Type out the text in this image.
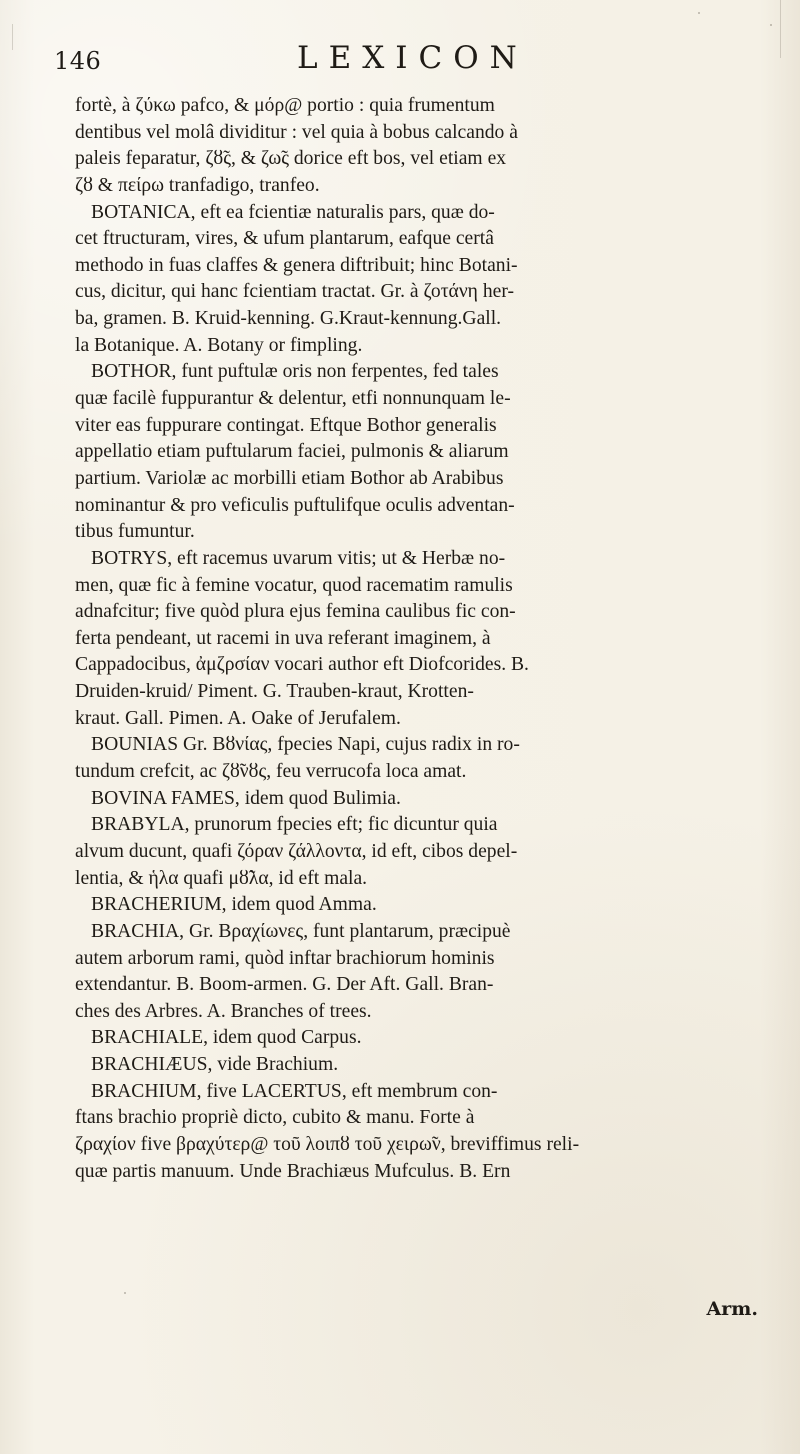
146	LEXICON
fortè, à ζύκω pafco, & μόρ@ portio : quia frumentum
dentibus vel molâ dividitur : vel quia à bobus calcando à
paleis feparatur, ζȣ̃ς, & ζω̃ς dorice eft bos, vel etiam ex
ζȣ & πείρω tranfadigo, tranfeo.
BOTANICA, eft ea fcientiæ naturalis pars, quæ do-
cet ftructuram, vires, & ufum plantarum, eafque certâ
methodo in fuas claffes & genera diftribuit; hinc Botani-
cus, dicitur, qui hanc fcientiam tractat. Gr. à ζοτάνη her-
ba, gramen. B. Kruid-kenning. G.Kraut-kennung.Gall.
la Botanique. A. Botany or fimpling.
BOTHOR, funt puftulæ oris non ferpentes, fed tales
quæ facilè fuppurantur & delentur, etfi nonnunquam le-
viter eas fuppurare contingat. Eftque Bothor generalis
appellatio etiam puftularum faciei, pulmonis & aliarum
partium. Variolæ ac morbilli etiam Bothor ab Arabibus
nominantur & pro veficulis puftulifque oculis adventan-
tibus fumuntur.
BOTRYS, eft racemus uvarum vitis; ut & Herbæ no-
men, quæ fic à femine vocatur, quod racematim ramulis
adnafcitur; five quòd plura ejus femina caulibus fic con-
ferta pendeant, ut racemi in uva referant imaginem, à
Cappadocibus, ἀμζρσίαν vocari author eft Diofcorides. B.
Druiden-kruid/ Piment. G. Trauben-kraut, Krotten-
kraut. Gall. Pimen. A. Oake of Jerufalem.
BOUNIAS Gr. Βȣνίας, fpecies Napi, cujus radix in ro-
tundum crefcit, ac ζȣ̃νȣς, feu verrucofa loca amat.
BOVINA FAMES, idem quod Bulimia.
BRABYLA, prunorum fpecies eft; fic dicuntur quia
alvum ducunt, quafi ζόραν ζάλλοντα, id eft, cibos depel-
lentia, & ἡλα quafi μȣ̃λα, id eft mala.
BRACHERIUM, idem quod Amma.
BRACHIA, Gr. Βραχίωνες, funt plantarum, præcipuè
autem arborum rami, quòd inftar brachiorum hominis
extendantur. B. Boom-armen. G. Der Aft. Gall. Bran-
ches des Arbres. A. Branches of trees.
BRACHIALE, idem quod Carpus.
BRACHIÆUS, vide Brachium.
BRACHIUM, five LACERTUS, eft membrum con-
ftans brachio propriè dicto, cubito & manu. Forte à
ζραχίον five βραχύτερ@ τοῦ λοιπȣ τοῦ χειρω̃ν, breviffimus reli-
quæ partis manuum. Unde Brachiæus Mufculus. B. Ern
Arm.
